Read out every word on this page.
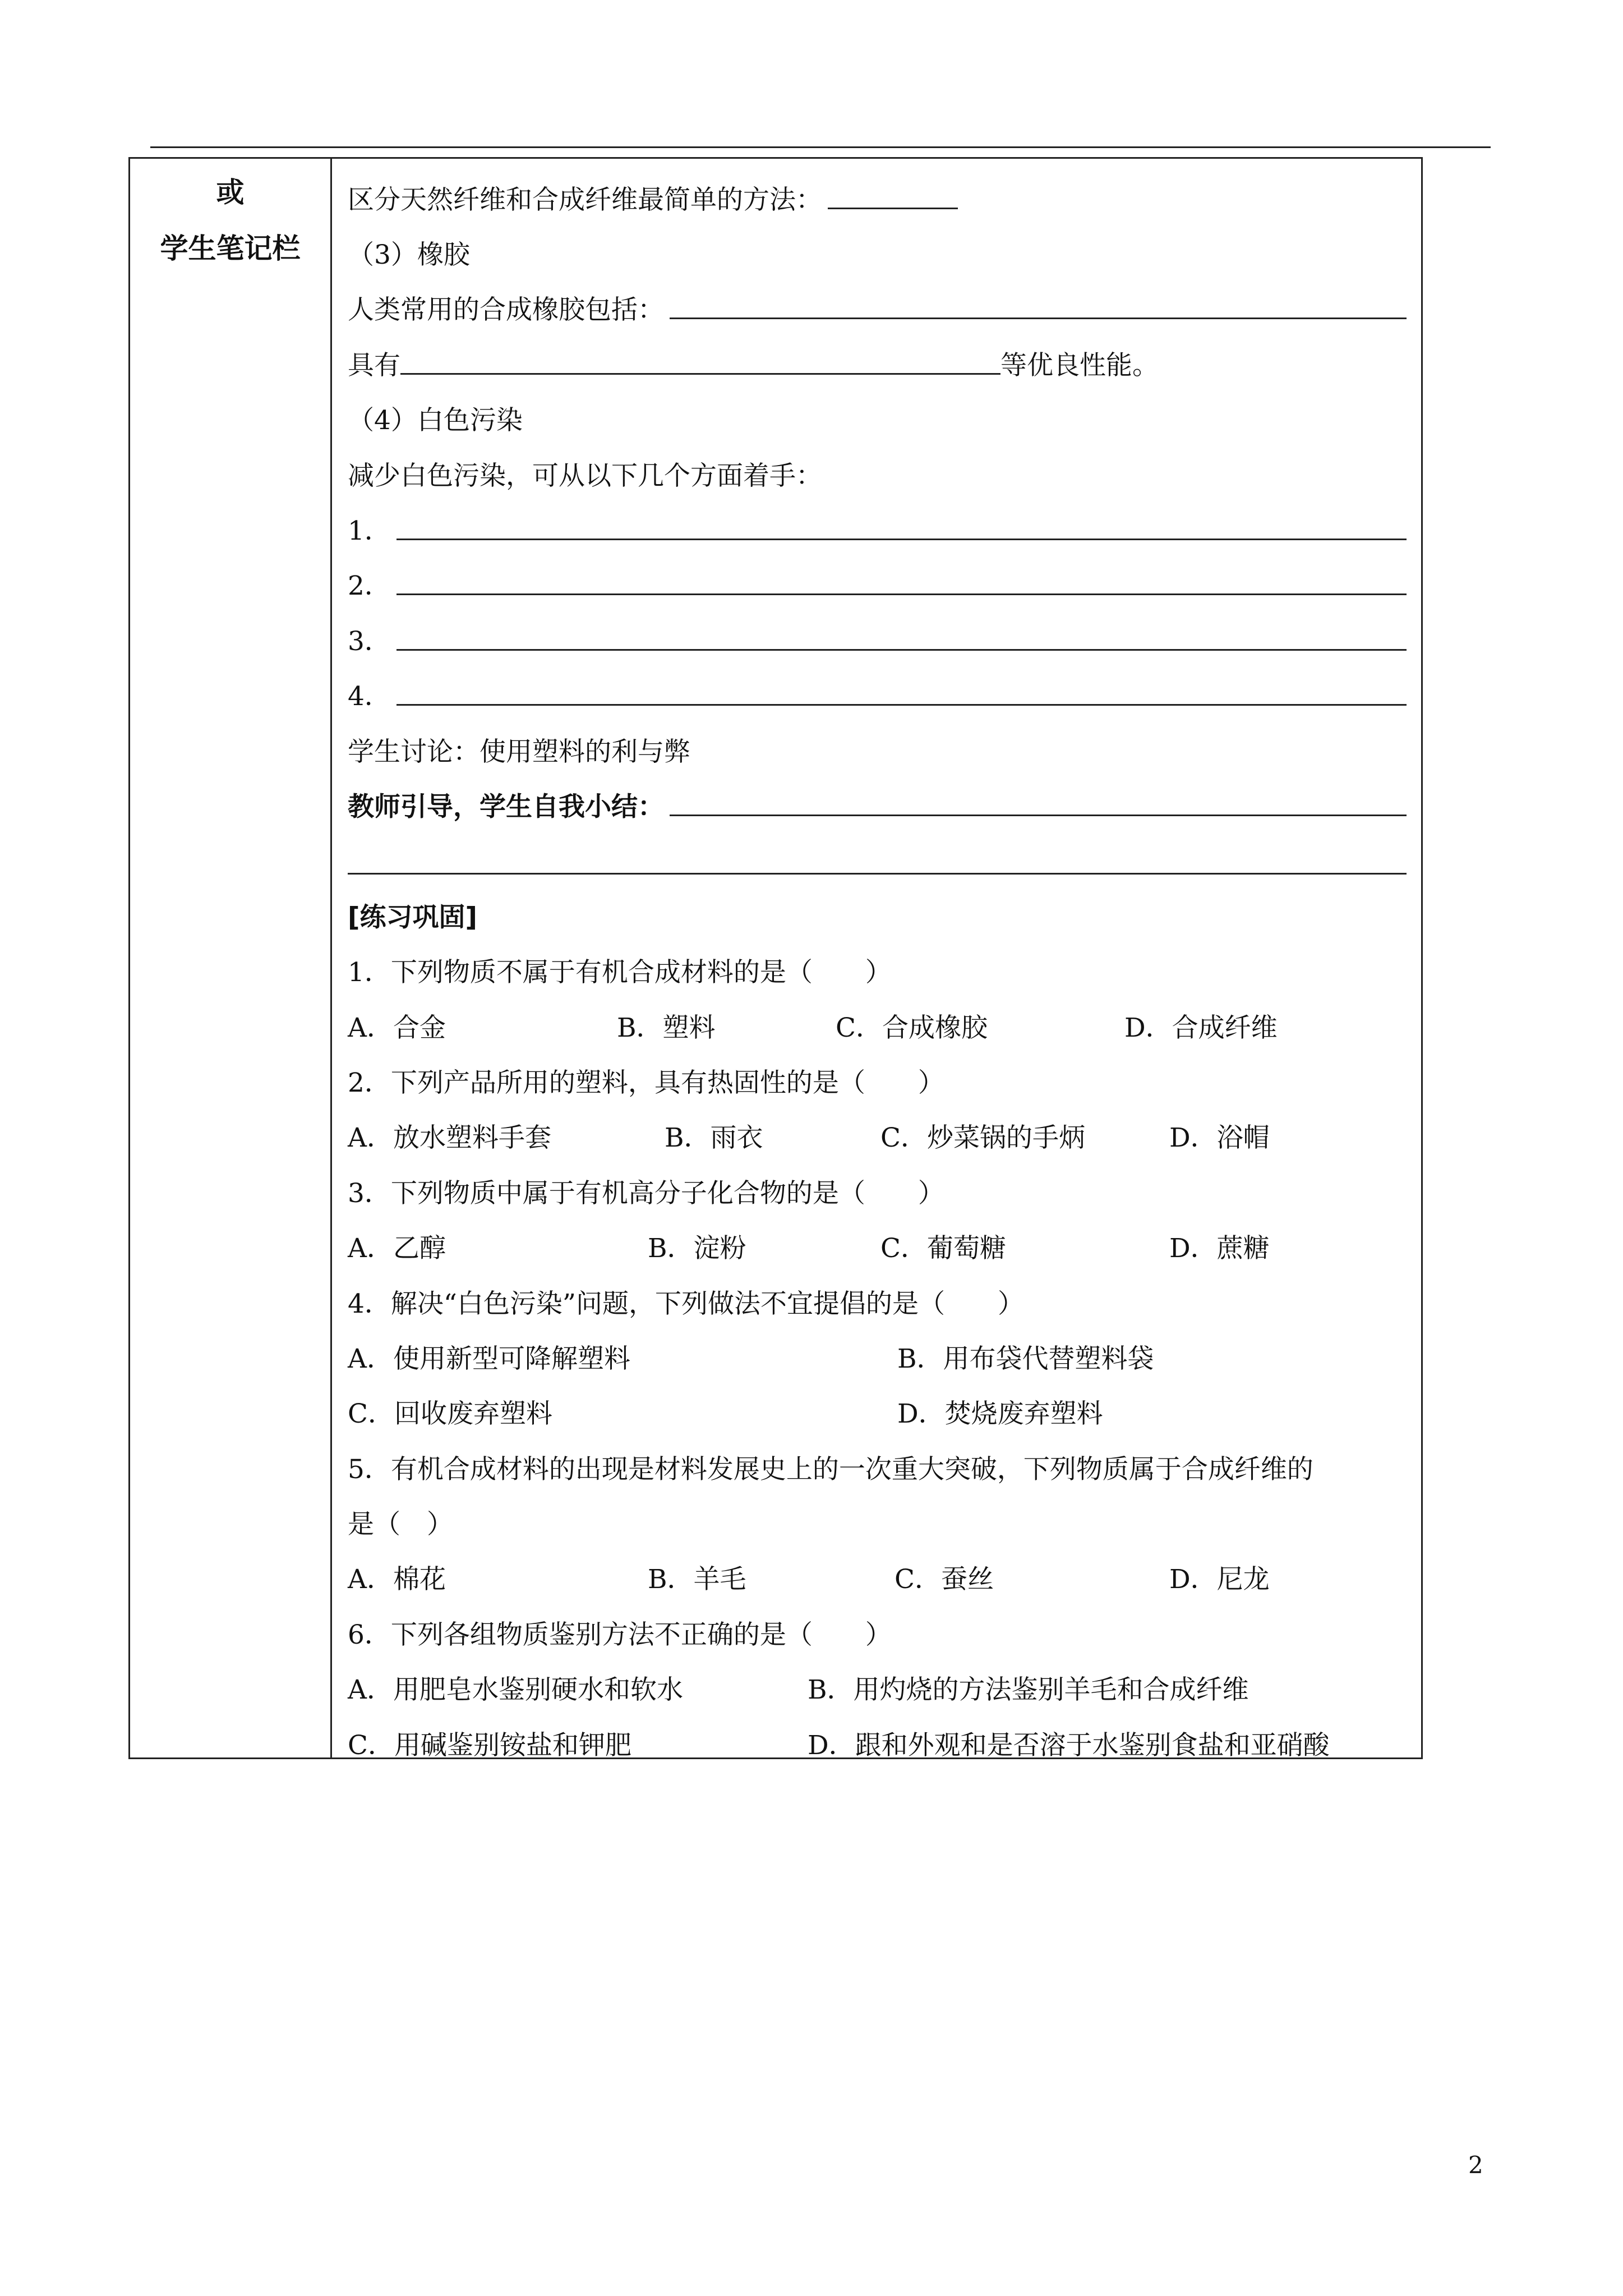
或
学生笔记栏
区分天然纤维和合成纤维最简单的方法：
（3）橡胶
人类常用的合成橡胶包括：
具有	等优良性能。
（4）白色污染
减少白色污染，可从以下几个方面着手：
1．
2．
3．
4．
学生讨论：使用塑料的利与弊
教师引导，学生自我小结：
[练习巩固]
1．下列物质不属于有机合成材料的是（　　）
A．合金	B．塑料	C．合成橡胶	D．合成纤维
2．下列产品所用的塑料，具有热固性的是（　　）
A．放水塑料手套	B．雨衣	C．炒菜锅的手炳	D．浴帽
3．下列物质中属于有机高分子化合物的是（　　）
A．乙醇	B．淀粉	C．葡萄糖	D．蔗糖
4．解决“白色污染”问题，下列做法不宜提倡的是（　　）
A．使用新型可降解塑料	B．用布袋代替塑料袋
C．回收废弃塑料	D．焚烧废弃塑料
5．有机合成材料的出现是材料发展史上的一次重大突破，下列物质属于合成纤维的
是（　）
A．棉花	B．羊毛	C．蚕丝	D．尼龙
6．下列各组物质鉴别方法不正确的是（　　）
A．用肥皂水鉴别硬水和软水	B．用灼烧的方法鉴别羊毛和合成纤维
C．用碱鉴别铵盐和钾肥	D．跟和外观和是否溶于水鉴别食盐和亚硝酸
2
